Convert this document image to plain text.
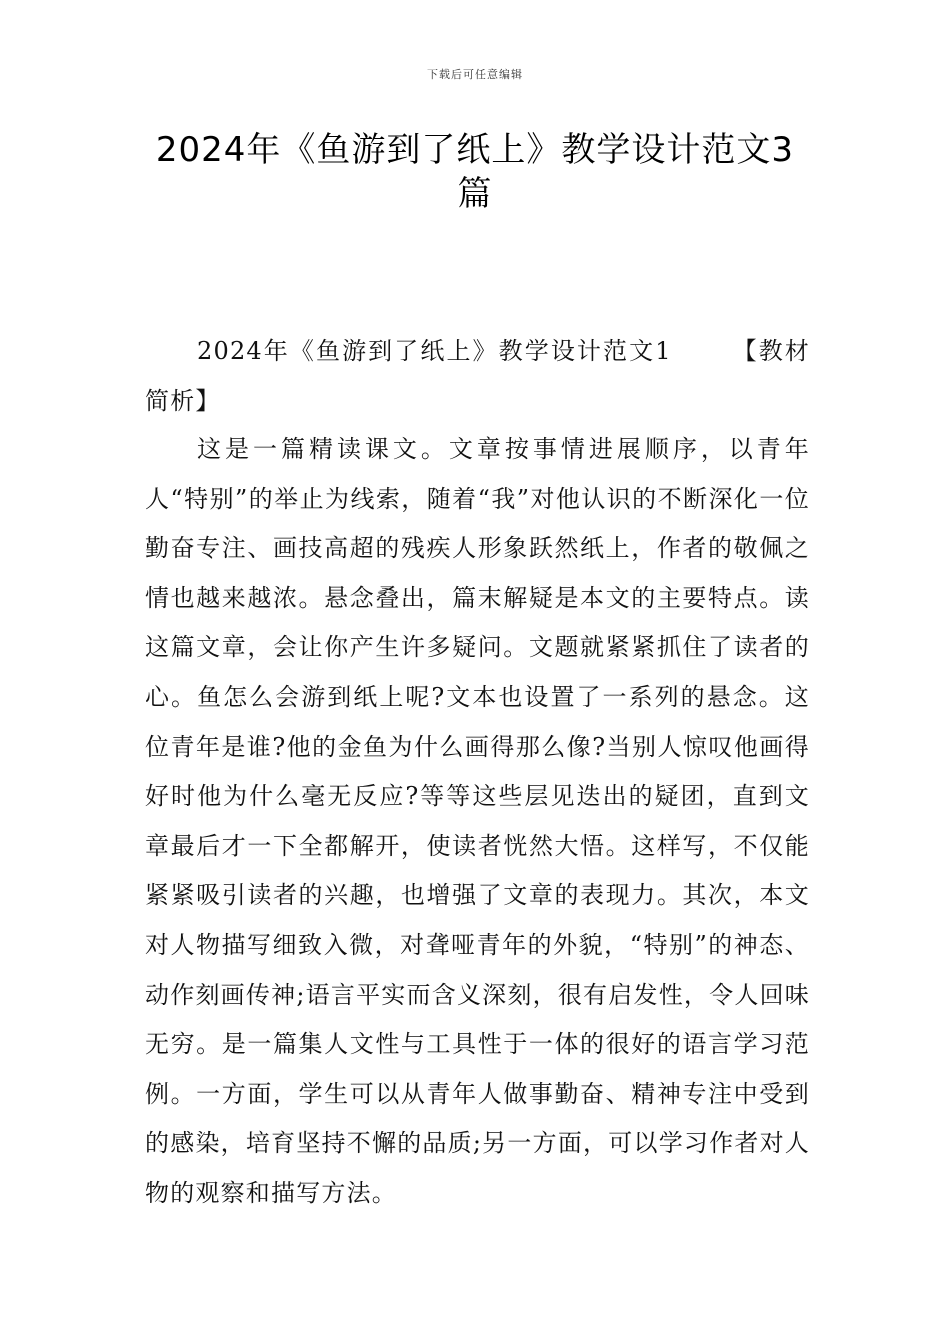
下载后可任意编辑
2024年《鱼游到了纸上》教学设计范文3篇

2024年《鱼游到了纸上》教学设计范文1	【教材简析】

这是一篇精读课文。文章按事情进展顺序，以青年人“特别”的举止为线索，随着“我”对他认识的不断深化一位勤奋专注、画技高超的残疾人形象跃然纸上，作者的敬佩之情也越来越浓。悬念叠出，篇末解疑是本文的主要特点。读这篇文章，会让你产生许多疑问。文题就紧紧抓住了读者的心。鱼怎么会游到纸上呢?文本也设置了一系列的悬念。这位青年是谁?他的金鱼为什么画得那么像?当别人惊叹他画得好时他为什么毫无反应?等等这些层见迭出的疑团，直到文章最后才一下全都解开，使读者恍然大悟。这样写，不仅能紧紧吸引读者的兴趣，也增强了文章的表现力。其次，本文对人物描写细致入微，对聋哑青年的外貌，“特别”的神态、动作刻画传神;语言平实而含义深刻，很有启发性，令人回味无穷。是一篇集人文性与工具性于一体的很好的语言学习范例。一方面，学生可以从青年人做事勤奋、精神专注中受到的感染，培育坚持不懈的品质;另一方面，可以学习作者对人物的观察和描写方法。
